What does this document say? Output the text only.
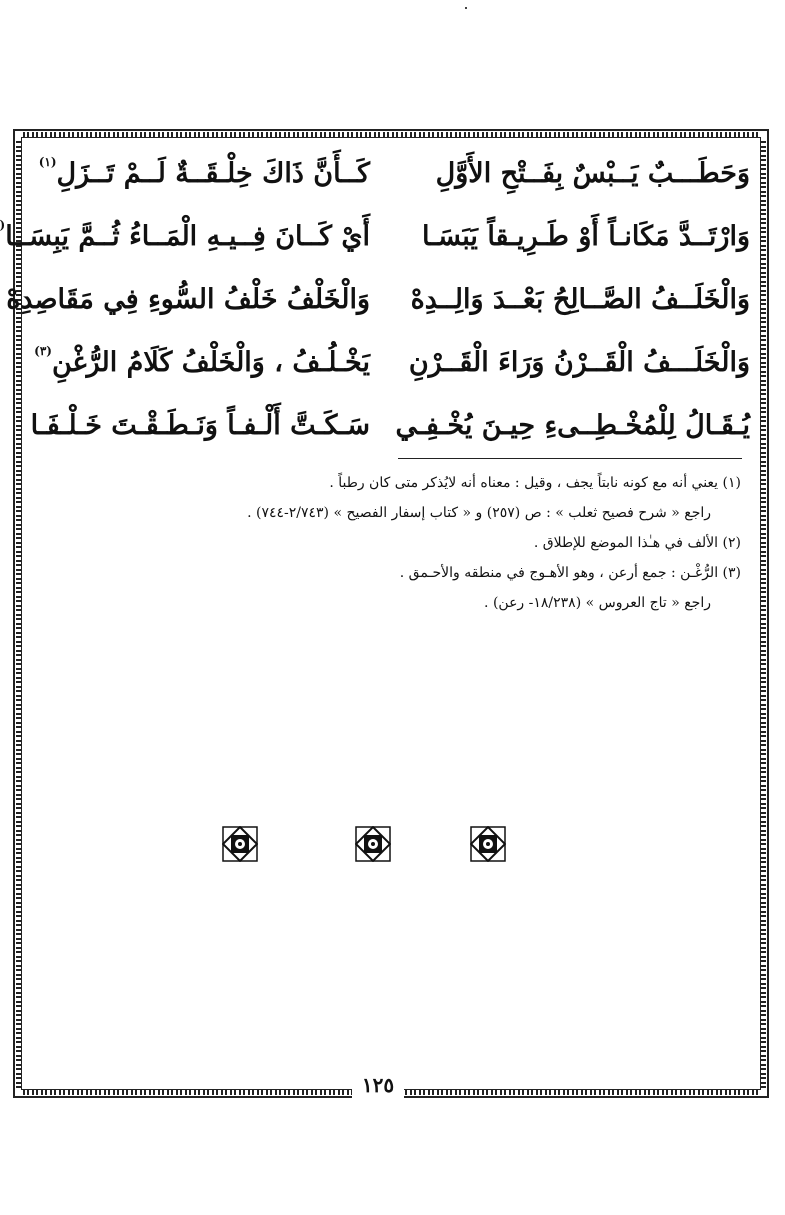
وَحَطَـــبٌ يَــبْسٌ بِفَــتْحِ الأَوَّلِ
كَــأَنَّ ذَاكَ خِلْـقَــةٌ لَــمْ تَــزَلِ$^{(١)}$
وَارْتَــدَّ مَكَانـاً أَوْ طَـرِيـقاً يَبَسَـا
أَيْ كَــانَ فِــيـهِ الْمَــاءُ ثُــمَّ يَبِسَــا(
وَالْخَلَــفُ الصَّــالِحُ بَعْــدَ وَالِــدِهْ
وَالْخَلْفُ خَلْفُ السُّوءِ فِي مَقَاصِدِهْ
وَالْخَلَـــفُ الْقَــرْنُ وَرَاءَ الْقَــرْنِ
يَخْـلُـفُ ، وَالْخَلْفُ كَلَامُ الرُّغْنِ$^{(٣)}$
يُـقَـالُ لِلْمُخْـطِــىءِ حِيـنَ يُخْـفِـي
سَـكَـتَّ أَلْـفـاً وَنَـطَـقْـتَ خَـلْـفَـا
(١) يعني أنه مع كونه نابتاً يجف ، وقيل : معناه أنه لايُذكر متى كان رطباً .
راجع « شرح فصيح ثعلب » : ص (٢٥٧) و « كتاب إسفار الفصيح » (٢/٧٤٣-٧٤٤) .
(٢) الألف في هـٰذا الموضع للإطلاق .
(٣) الرُّغْـن : جمع أرعن ، وهو الأهـوج في منطقه والأحـمق .
راجع « تاج العروس » (١٨/٢٣٨- رعن) .
١٢٥
